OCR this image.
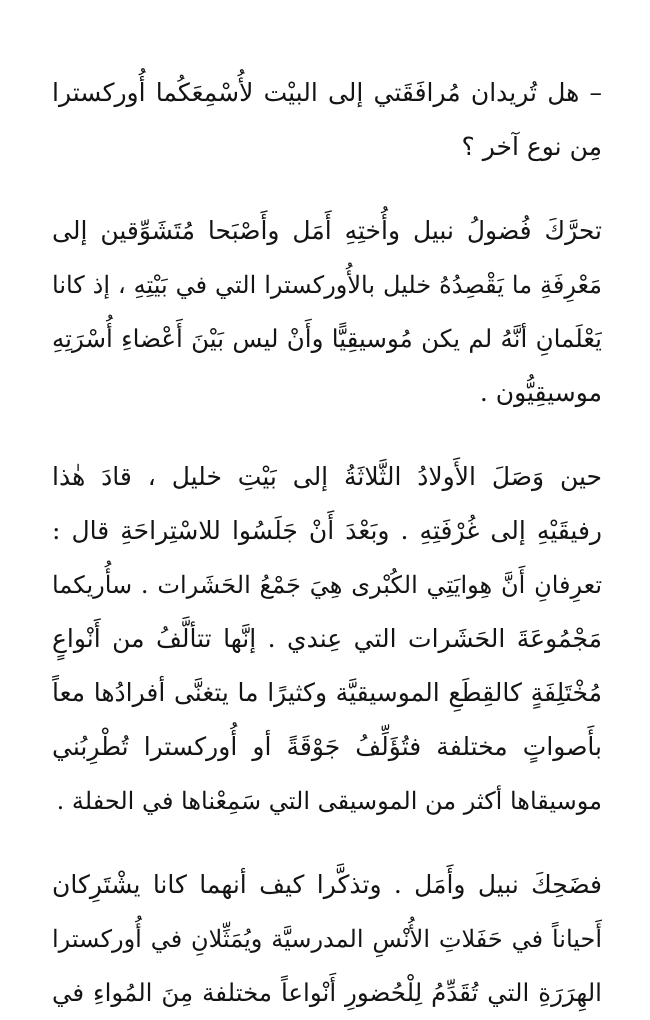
– هل تُريدان مُرافَقَتي إلى البيْت لأُسْمِعَكُما أُوركسترا
مِن نوع آخر ؟

تحرَّكَ فُضولُ نبيل وأُختِهِ أَمَل وأَصْبَحا مُتَشَوِّقين إلى
مَعْرِفَةِ ما يَقْصِدُهُ خليل بالأُوركسترا التي في بَيْتِهِ ، إذ كانا
يَعْلَمانِ أنَّهُ لم يكن مُوسيقِيًّا وأَنْ ليس بَيْنَ أَعْضاءِ أُسْرَتِهِ
موسيقِيُّون .

حين وَصَلَ الأَولادُ الثَّلاثَةُ إلى بَيْتِ خليل ، قادَ هٰذا
رفيقَيْهِ إلى غُرْفَتِهِ . وبَعْدَ أَنْ جَلَسُوا للاسْتِراحَةِ قال :
تعرِفانِ أَنَّ هِوايَتِي الكُبْرى هِيَ جَمْعُ الحَشَرات . سأُريكما
مَجْمُوعَةَ الحَشَرات التي عِندي . إنَّها تتألَّفُ من أَنْواعٍ
مُخْتَلِفَةٍ كالقِطَعِ الموسيقيَّة وكثيرًا ما يتغنَّى أفرادُها معاً
بأَصواتٍ مختلفة فتُؤَلِّفُ جَوْقَةً أو أُوركسترا تُطْرِبُني
موسيقاها أكثر من الموسيقى التي سَمِعْناها في الحفلة .

فضَحِكَ نبيل وأَمَل . وتذكَّرا كيف أنهما كانا يشْتَرِكان
أَحياناً في حَفَلاتِ الأُنْسِ المدرسيَّة ويُمَثِّلانِ في أُوركسترا
الهِرَرَةِ التي تُقَدِّمُ لِلْحُضورِ أَنْواعاً مختلفة مِنَ المُواءِ في
